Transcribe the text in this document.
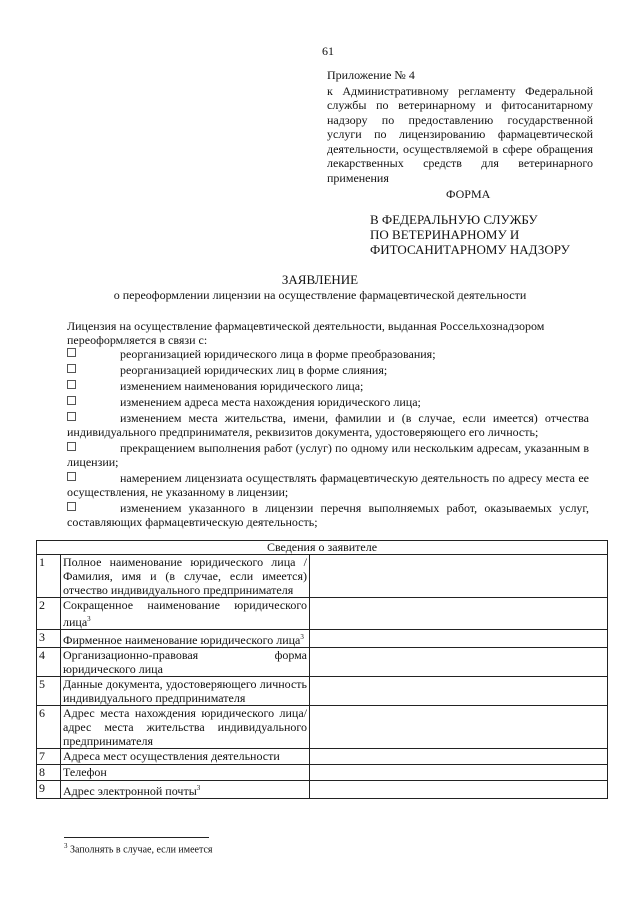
61
Приложение № 4
к Административному регламенту Федеральной службы по ветеринарному и фитосанитарному надзору по предоставлению государственной услуги по лицензированию фармацевтической деятельности, осуществляемой в сфере обращения лекарственных средств для ветеринарного применения
ФОРМА
В ФЕДЕРАЛЬНУЮ СЛУЖБУ
ПО ВЕТЕРИНАРНОМУ И
ФИТОСАНИТАРНОМУ НАДЗОРУ
ЗАЯВЛЕНИЕ
о переоформлении лицензии на осуществление фармацевтической деятельности
Лицензия на осуществление фармацевтической деятельности, выданная Россельхознадзором переоформляется в связи с:
реорганизацией юридического лица в форме преобразования;
реорганизацией юридических лиц в форме слияния;
изменением наименования юридического лица;
изменением адреса места нахождения юридического лица;
изменением места жительства, имени, фамилии и (в случае, если имеется) отчества индивидуального предпринимателя, реквизитов документа, удостоверяющего его личность;
прекращением выполнения работ (услуг) по одному или нескольким адресам, указанным в лицензии;
намерением лицензиата осуществлять фармацевтическую деятельность по адресу места ее осуществления, не указанному в лицензии;
изменением указанного в лицензии перечня выполняемых работ, оказываемых услуг, составляющих фармацевтическую деятельность;
Сведения о заявителе		
1	Полное наименование юридического лица / Фамилия, имя и (в случае, если имеется) отчество индивидуального предпринимателя	
2	Сокращенное наименование юридического лица$^3$	
3	Фирменное наименование юридического лица$^3$	
4	Организационно-правовая форма юридического лица	
5	Данные документа, удостоверяющего личность индивидуального предпринимателя	
6	Адрес места нахождения юридического лица/адрес места жительства индивидуального предпринимателя	
7	Адреса мест осуществления деятельности	
8	Телефон	
9	Адрес электронной почты$^3$	
$^3$ Заполнять в случае, если имеется
